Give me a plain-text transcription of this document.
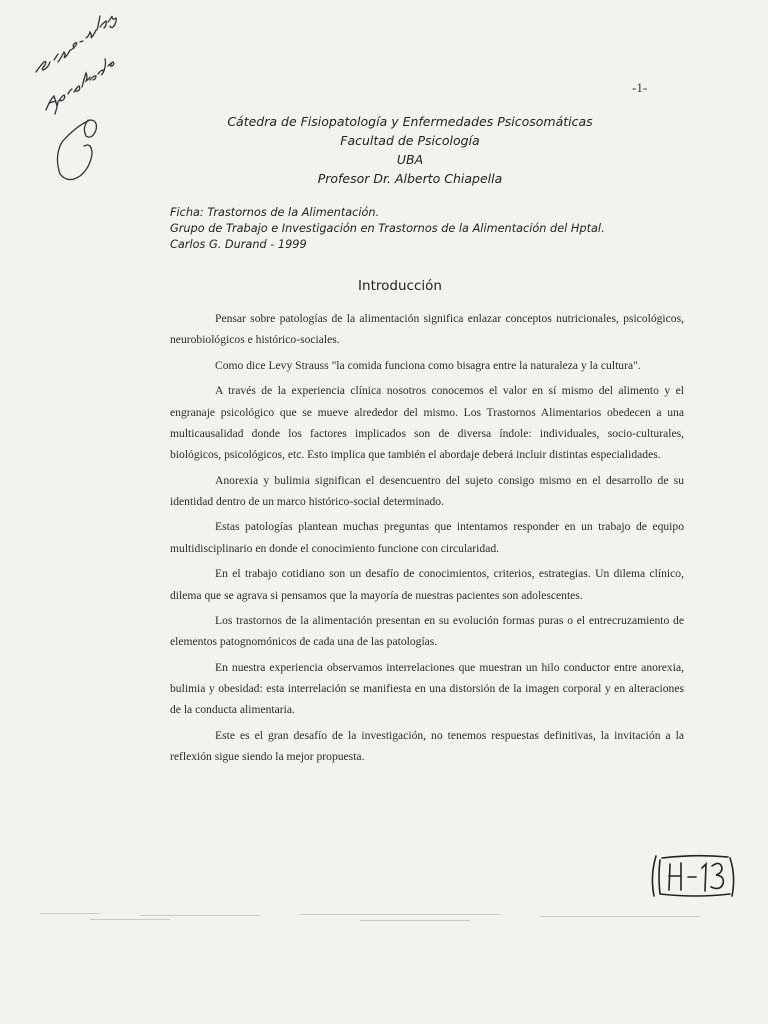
-1-
Cátedra de Fisiopatología y Enfermedades Psicosomáticas
Facultad de Psicología
UBA
Profesor Dr. Alberto Chiapella
Ficha: Trastornos de la Alimentación.
Grupo de Trabajo e Investigación en Trastornos de la Alimentación del Hptal.
Carlos G. Durand - 1999
Introducción

Pensar sobre patologías de la alimentación significa enlazar conceptos nutricionales, psicológicos, neurobiológicos e histórico-sociales.

Como dice Levy Strauss "la comida funciona como bisagra entre la naturaleza y la cultura".

A través de la experiencia clínica nosotros conocemos el valor en sí mismo del alimento y el engranaje psicológico que se mueve alrededor del mismo. Los Trastornos Alimentarios obedecen a una multicausalidad donde los factores implicados son de diversa índole: individuales, socio-culturales, biológicos, psicológicos, etc. Esto implica que también el abordaje deberá incluir distintas especialidades.

Anorexia y bulimia significan el desencuentro del sujeto consigo mismo en el desarrollo de su identidad dentro de un marco histórico-social determinado.

Estas patologías plantean muchas preguntas que intentamos responder en un trabajo de equipo multidisciplinario en donde el conocimiento funcione con circularidad.

En el trabajo cotidiano son un desafío de conocimientos, criterios, estrategias. Un dilema clínico, dilema que se agrava si pensamos que la mayoría de nuestras pacientes son adolescentes.

Los trastornos de la alimentación presentan en su evolución formas puras o el entrecruzamiento de elementos patognomónicos de cada una de las patologías.

En nuestra experiencia observamos interrelaciones que muestran un hilo conductor entre anorexia, bulimia y obesidad: esta interrelación se manifiesta en una distorsión de la imagen corporal y en alteraciones de la conducta alimentaria.

Este es el gran desafío de la investigación, no tenemos respuestas definitivas, la invitación a la reflexión sigue siendo la mejor propuesta.
